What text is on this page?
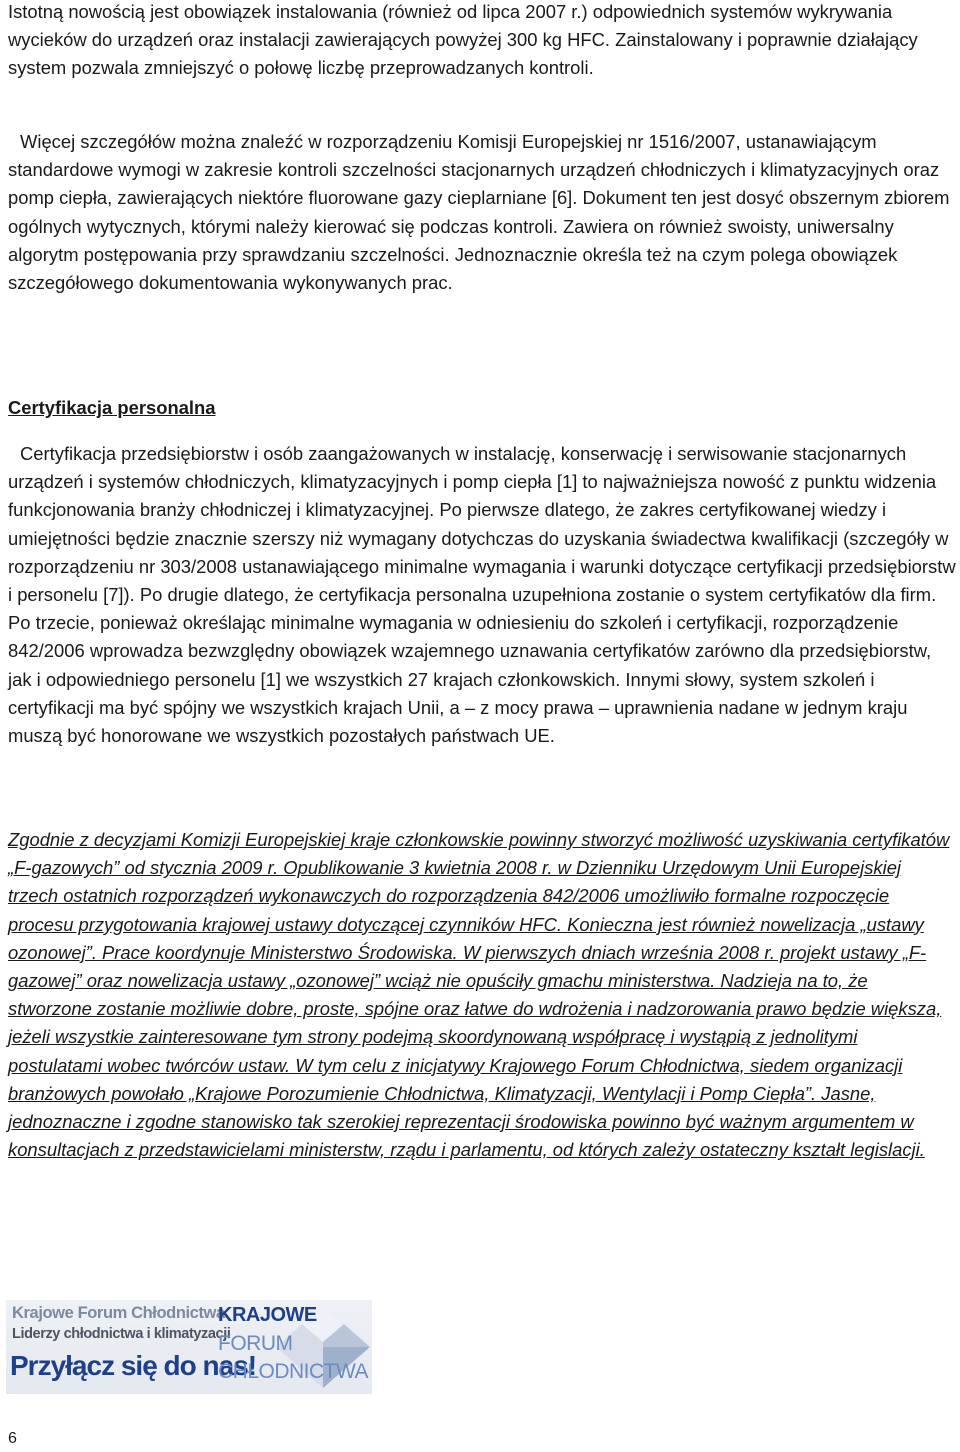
Istotną nowością jest obowiązek instalowania (również od lipca 2007 r.) odpowiednich systemów wykrywania wycieków do urządzeń oraz instalacji zawierających powyżej 300 kg HFC. Zainstalowany i poprawnie działający system pozwala zmniejszyć o połowę liczbę przeprowadzanych kontroli.

Więcej szczegółów można znaleźć w rozporządzeniu Komisji Europejskiej nr 1516/2007, ustanawiającym standardowe wymogi w zakresie kontroli szczelności stacjonarnych urządzeń chłodniczych i klimatyzacyjnych oraz pomp ciepła, zawierających niektóre fluorowane gazy cieplarniane [6]. Dokument ten jest dosyć obszernym zbiorem ogólnych wytycznych, którymi należy kierować się podczas kontroli. Zawiera on również swoisty, uniwersalny algorytm postępowania przy sprawdzaniu szczelności. Jednoznacznie określa też na czym polega obowiązek szczegółowego dokumentowania wykonywanych prac.

Certyfikacja personalna

Certyfikacja przedsiębiorstw i osób zaangażowanych w instalację, konserwację i serwisowanie stacjonarnych urządzeń i systemów chłodniczych, klimatyzacyjnych i pomp ciepła [1] to najważniejsza nowość z punktu widzenia funkcjonowania branży chłodniczej i klimatyzacyjnej. Po pierwsze dlatego, że zakres certyfikowanej wiedzy i umiejętności będzie znacznie szerszy niż wymagany dotychczas do uzyskania świadectwa kwalifikacji (szczegóły w rozporządzeniu nr 303/2008 ustanawiającego minimalne wymagania i warunki dotyczące certyfikacji przedsiębiorstw i personelu [7]). Po drugie dlatego, że certyfikacja personalna uzupełniona zostanie o system certyfikatów dla firm. Po trzecie, ponieważ określając minimalne wymagania w odniesieniu do szkoleń i certyfikacji, rozporządzenie 842/2006 wprowadza bezwzględny obowiązek wzajemnego uznawania certyfikatów zarówno dla przedsiębiorstw, jak i odpowiedniego personelu [1] we wszystkich 27 krajach członkowskich. Innymi słowy, system szkoleń i certyfikacji ma być spójny we wszystkich krajach Unii, a – z mocy prawa – uprawnienia nadane w jednym kraju muszą być honorowane we wszystkich pozostałych państwach UE.

Zgodnie z decyzjami Komizji Europejskiej kraje członkowskie powinny stworzyć możliwość uzyskiwania certyfikatów „F-gazowych” od stycznia 2009 r. Opublikowanie 3 kwietnia 2008 r. w Dzienniku Urzędowym Unii Europejskiej trzech ostatnich rozporządzeń wykonawczych do rozporządzenia 842/2006 umożliwiło formalne rozpoczęcie procesu przygotowania krajowej ustawy dotyczącej czynników HFC. Konieczna jest również nowelizacja „ustawy ozonowej”. Prace koordynuje Ministerstwo Środowiska. W pierwszych dniach września 2008 r. projekt ustawy „F-gazowej” oraz nowelizacja ustawy „ozonowej” wciąż nie opuściły gmachu ministerstwa. Nadzieja na to, że stworzone zostanie możliwie dobre, proste, spójne oraz łatwe do wdrożenia i nadzorowania prawo będzie większa, jeżeli wszystkie zainteresowane tym strony podejmą skoordynowaną współpracę i wystąpią z jednolitymi postulatami wobec twórców ustaw. W tym celu z inicjatywy Krajowego Forum Chłodnictwa, siedem organizacji branżowych powołało „Krajowe Porozumienie Chłodnictwa, Klimatyzacji, Wentylacji i Pomp Ciepła”. Jasne, jednoznaczne i zgodne stanowisko tak szerokiej reprezentacji środowiska powinno być ważnym argumentem w konsultacjach z przedstawicielami ministerstw, rządu i parlamentu, od których zależy ostateczny kształt legislacji.

Krajowe Forum Chłodnictwa
Liderzy chłodnictwa i klimatyzacji
Przyłącz się do nas!
KRAJOWE
FORUM
CHŁODNICTWA
6
